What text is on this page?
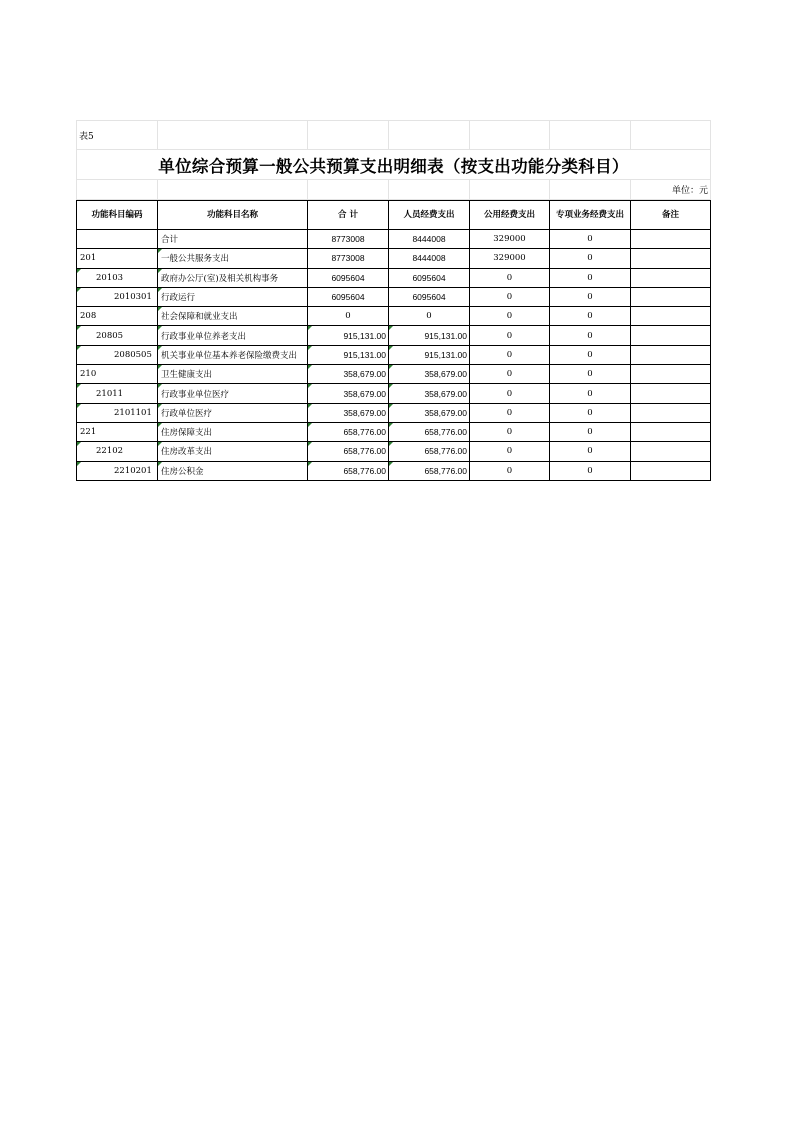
表5						
单位综合预算一般公共预算支出明细表（按支出功能分类科目）						
						单位：元
功能科目编码	功能科目名称	合 计	人员经费支出	公用经费支出	专项业务经费支出	备注
	合计	8773008	8444008	329000	0	
201	一般公共服务支出	8773008	8444008	329000	0	
20103	政府办公厅(室)及相关机构事务	6095604	6095604	0	0	
2010301	行政运行	6095604	6095604	0	0	
208	社会保障和就业支出	0	0	0	0	
20805	行政事业单位养老支出	915,131.00	915,131.00	0	0	
2080505	机关事业单位基本养老保险缴费支出	915,131.00	915,131.00	0	0	
210	卫生健康支出	358,679.00	358,679.00	0	0	
21011	行政事业单位医疗	358,679.00	358,679.00	0	0	
2101101	行政单位医疗	358,679.00	358,679.00	0	0	
221	住房保障支出	658,776.00	658,776.00	0	0	
22102	住房改革支出	658,776.00	658,776.00	0	0	
2210201	住房公积金	658,776.00	658,776.00	0	0	
